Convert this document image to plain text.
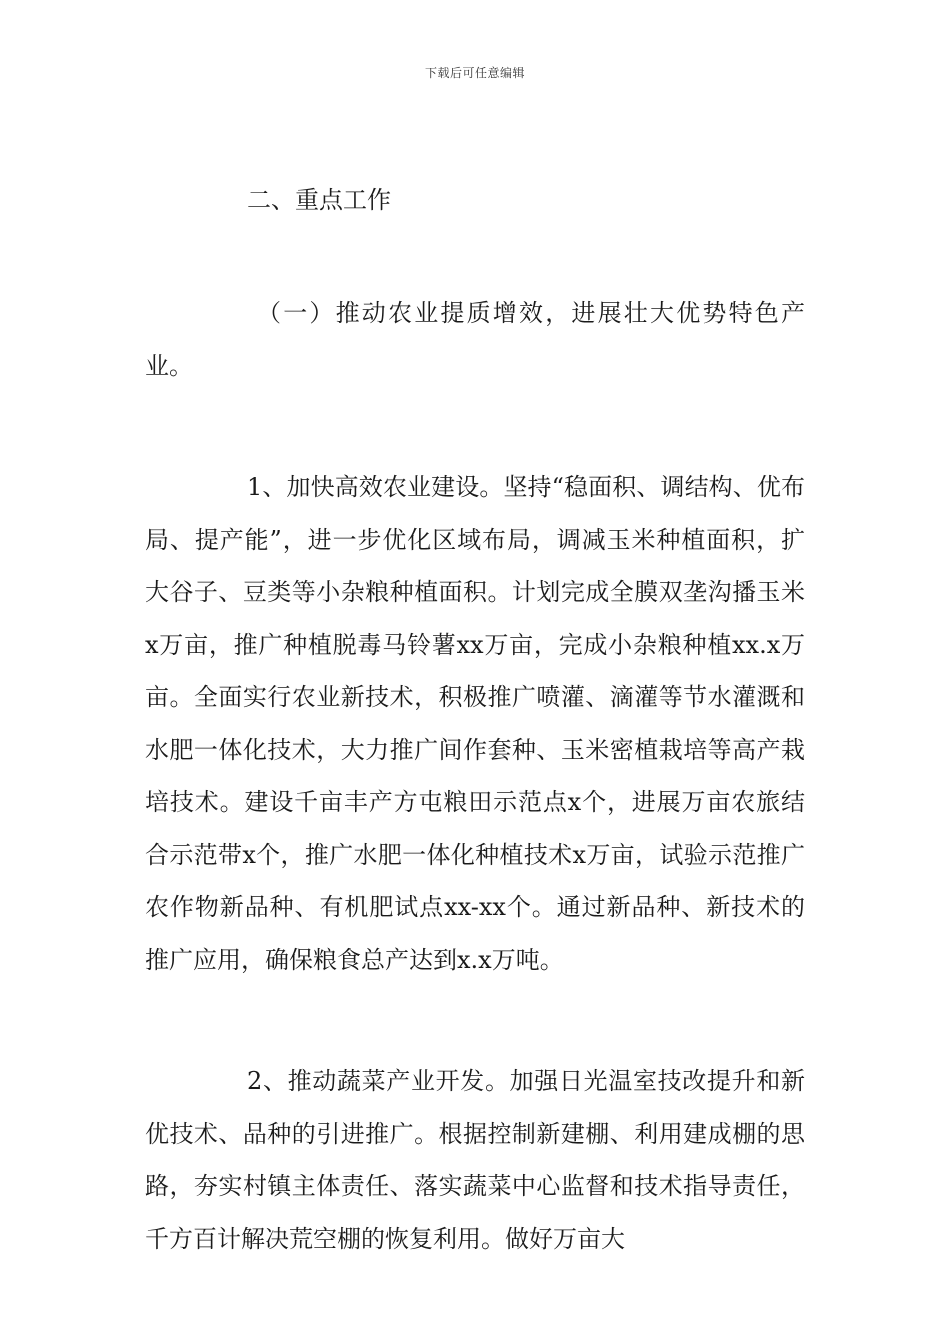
下载后可任意编辑

二、重点工作

（一）推动农业提质增效，进展壮大优势特色产业。

1、加快高效农业建设。坚持“稳面积、调结构、优布局、提产能”，进一步优化区域布局，调减玉米种植面积，扩大谷子、豆类等小杂粮种植面积。计划完成全膜双垄沟播玉米x万亩，推广种植脱毒马铃薯xx万亩，完成小杂粮种植xx.x万亩。全面实行农业新技术，积极推广喷灌、滴灌等节水灌溉和水肥一体化技术，大力推广间作套种、玉米密植栽培等高产栽培技术。建设千亩丰产方屯粮田示范点x个，进展万亩农旅结合示范带x个，推广水肥一体化种植技术x万亩，试验示范推广农作物新品种、有机肥试点xx-xx个。通过新品种、新技术的推广应用，确保粮食总产达到x.x万吨。

2、推动蔬菜产业开发。加强日光温室技改提升和新优技术、品种的引进推广。根据控制新建棚、利用建成棚的思路，夯实村镇主体责任、落实蔬菜中心监督和技术指导责任，千方百计解决荒空棚的恢复利用。做好万亩大
